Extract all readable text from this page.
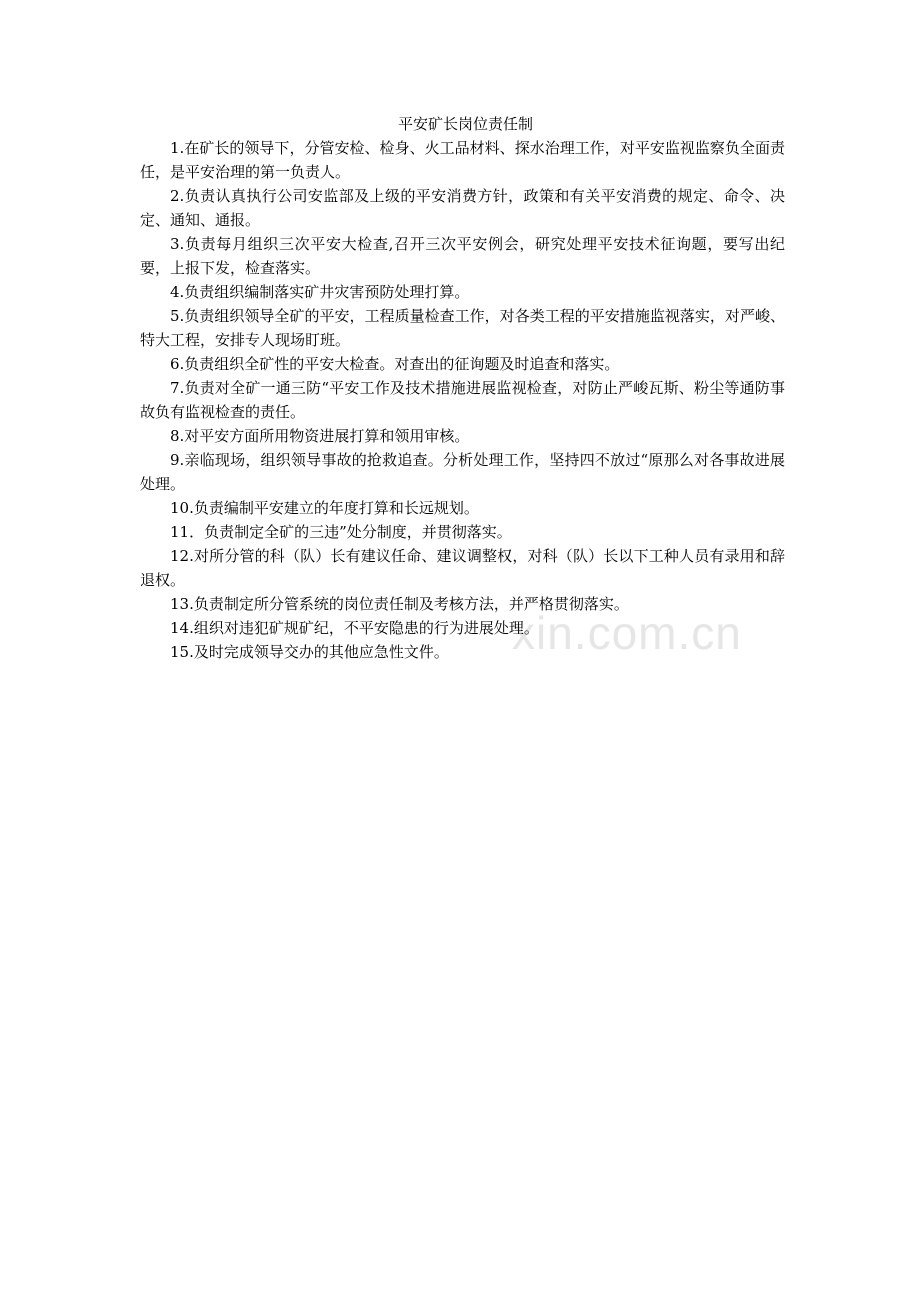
xin.com.cn
平安矿长岗位责任制

1.在矿长的领导下，分管安检、检身、火工品材料、探水治理工作，对平安监视监察负全面责任，是平安治理的第一负责人。

2.负责认真执行公司安监部及上级的平安消费方针，政策和有关平安消费的规定、命令、决定、通知、通报。

3.负责每月组织三次平安大检查,召开三次平安例会，研究处理平安技术征询题，要写出纪要，上报下发，检查落实。

4.负责组织编制落实矿井灾害预防处理打算。

5.负责组织领导全矿的平安，工程质量检查工作，对各类工程的平安措施监视落实，对严峻、特大工程，安排专人现场盯班。

6.负责组织全矿性的平安大检查。对查出的征询题及时追查和落实。

7.负责对全矿一通三防“平安工作及技术措施进展监视检查，对防止严峻瓦斯、粉尘等通防事故负有监视检查的责任。

8.对平安方面所用物资进展打算和领用审核。

9.亲临现场，组织领导事故的抢救追查。分析处理工作，坚持四不放过“原那么对各事故进展处理。

10.负责编制平安建立的年度打算和长远规划。

11．负责制定全矿的三违”处分制度，并贯彻落实。

12.对所分管的科（队）长有建议任命、建议调整权，对科（队）长以下工种人员有录用和辞退权。

13.负责制定所分管系统的岗位责任制及考核方法，并严格贯彻落实。

14.组织对违犯矿规矿纪，不平安隐患的行为进展处理。

15.及时完成领导交办的其他应急性文件。
